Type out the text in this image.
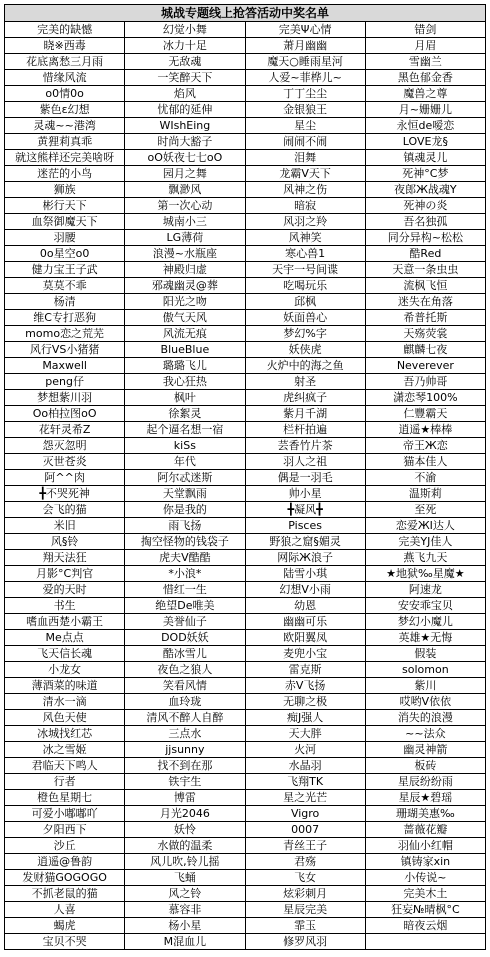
城战专题线上抢答活动中奖名单			
完美的缺憾	幻觉小舞	完美Ψ心情	错剑
晓※西毒	冰力十足	萧月幽幽	月眉
花底离愁三月雨	无敌魂	魔天○睡雨星河	雪幽兰
惜缘风流	一笑醉天下	人爱~菲桦儿~	黑色郁金香
o0情0o	焰风	丁丁尘尘	魔兽之尊
紫色ε幻想	忧郁的延伸	金银狼王	月~姗姗儿
灵魂~~港湾	WIshEing	星尘	永恒de嗳恋
黄狸莉真乖	时尚大豁子	闹闹不闹	LOVE龙§
就这熊样还完美啥呀	oO妖夜七七oO	泪舞	镇魂灵儿
迷茫的小鸟	园月之舞	龙霸V天下	死神°C梦
狮族	飘渺风	风神之伤	夜郎Ж战魂Y
彬行天下	第一次心动	暗寂	死神の炎
血祭御魔天下	城南小三	风羽之羚	吾名独孤
羽腰	LG薄荷	风神笑	同分异构~松松
0o星空o0	浪漫~水瓶座	寒心兽1	酷Red
健力宝王子武	神殿归虚	天宇一号间谍	天意一条虫虫
莫莫不乖	邪魂幽灵@葬	吃喝玩乐	流枫飞恒
杨清	阳光之吻	邱枫	迷失在角落
维C专打恶狗	傲气天风	妖面兽心	希普托斯
momo恋之荒芜	风流无痕	梦幻%字	天殇荧裳
风行VS小猪猪	BlueBlue	妖侠虎	麒麟七夜
Maxwell	璐璐飞儿	火炉中的海之鱼	Neverever
peng仔	我心狂热	射圣	吾乃帅哥
梦想紫川羽	枫叶	虎纠疯子	潇恋琴100%
Oo柏拉图oO	徐絮灵	紫月千湖	仁豐霸天
花轩灵希Z	起个逼名想一宿	栏杆拍遍	逍遥★棒棒
怨灭忽明	kiSs	芸香竹片茶	帝王Ж恋
灭世苍炎	年代	羽人之祖	猫本佳人
阿^^肉	阿尔忒迷斯	偶是一羽毛	不渝
╋不哭死神	天堂飘雨	帅小星	温斯莉
会飞的猫	你是我的	╋凝风╋	至死
米旧	雨飞扬	Pisces	恋爱ЖI达人
风§铃	掏空怪物的钱袋子	野狼之窟§媚灵	完美YJ佳人
翔天法狂	虎夫V酷酷	网际Ж浪子	燕飞九天
月影°C判官	*小浪*	陆雪小琪	★地狱‰星魔★
爱的天时	惜红一生	幻想V小雨	阿速龙
书生	绝望De唯美	幼恩	安安乖宝贝
嗜血西楚小霸王	美誉仙子	幽幽可乐	梦幻小魔儿
Me点点	DOD妖妖	欧阳翼凤	英雄★无悔
飞天信长魂	酷冰雪儿	麦兜小宝	假装
小龙女	夜色之狼人	雷克斯	solomon
薄酒菜的味道	笑看风情	赤V飞扬	紫川
清水一滴	血玲珑	无聊之极	哎哟V依依
风色天使	清风不醉人自醉	痴J强人	消失的浪漫
冰城找红芯	三点水	天大胖	~~法众
冰之雪姬	jjsunny	火河	幽灵神箭
君临天下鸣人	找不到在那	水晶羽	板砖
行者	铁宇生	飞翔TK	星辰纷纷雨
橙色星期七	博雷	星之光芒	星辰★碧瑶
可爱小嘟嘟吖	月光2046	Vigro	珊瑚美惠‰
夕阳西下	妖怜	0007	蔷薇花瓣
沙丘	水做的温柔	青丝王子	羽仙小红帽
逍遥@鲁韵	风儿吹,铃儿摇	君殇	镇铸家xin
发财猫GOGOGO	飞蛹	飞女	小传说~
不抓老鼠的猫	风之铃	炫彩刺月	完美木土
人喜	慕容非	星辰完美	狂妄№晴枫°C
蝎虎	杨小星	霏玉	暗夜云烟
宝贝不哭	M混血儿	修罗风羽	
